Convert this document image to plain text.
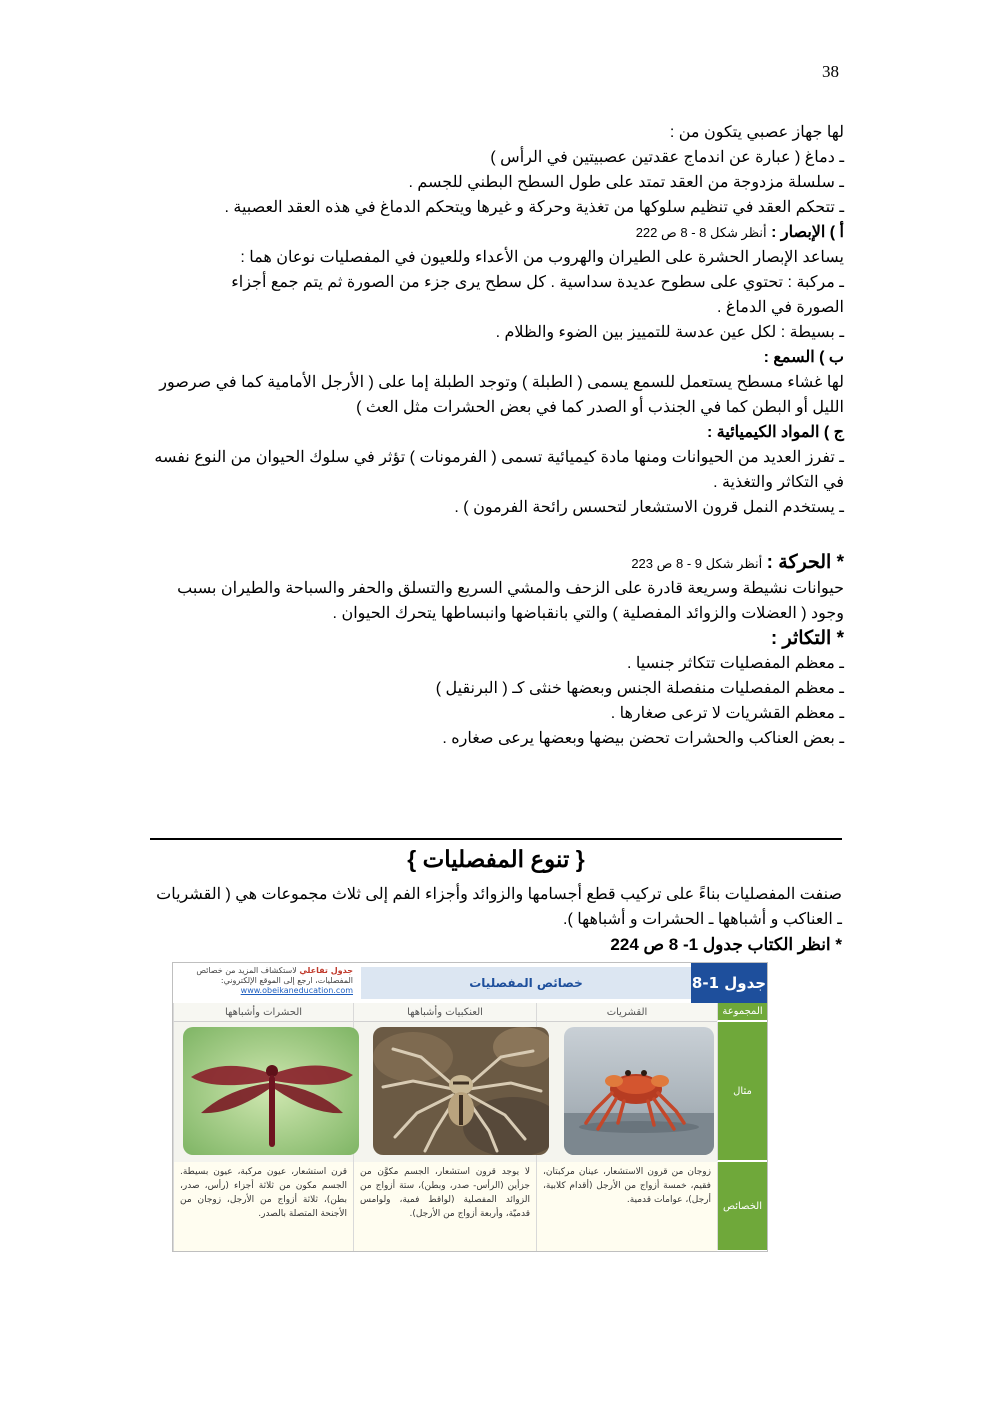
38
لها جهاز عصبي يتكون من :
ـ دماغ ( عبارة عن اندماج عقدتين عصبيتين في الرأس )
ـ سلسلة مزدوجة من العقد تمتد على طول السطح البطني للجسم .
ـ تتحكم العقد في تنظيم سلوكها من تغذية وحركة و غيرها ويتحكم الدماغ في هذه العقد العصبية .
أ ) الإبصار : أنظر شكل 8 - 8 ص 222
يساعد الإبصار الحشرة على الطيران والهروب من الأعداء وللعيون في المفصليات نوعان هما :
ـ مركبة : تحتوي على سطوح عديدة سداسية . كل سطح يرى جزء من الصورة ثم يتم جمع أجزاء الصورة في الدماغ .
ـ بسيطة : لكل عين عدسة للتمييز بين الضوء والظلام .
ب ) السمع :
لها غشاء مسطح يستعمل للسمع يسمى ( الطبلة ) وتوجد الطبلة إما على ( الأرجل الأمامية كما في صرصور الليل أو البطن كما في الجنذب أو الصدر كما في بعض الحشرات مثل العث )
ج ) المواد الكيميائية :
ـ تفرز العديد من الحيوانات ومنها مادة كيميائية تسمى ( الفرمونات ) تؤثر في سلوك الحيوان من النوع نفسه في التكاثر والتغذية .
ـ يستخدم النمل قرون الاستشعار لتحسس رائحة الفرمون ) .
* الحركة : أنظر شكل 9 - 8 ص 223
حيوانات نشيطة وسريعة قادرة على الزحف والمشي السريع والتسلق والحفر والسباحة والطيران بسبب وجود ( العضلات والزوائد المفصلية ) والتي بانقباضها وانبساطها يتحرك الحيوان .
* التكاثر :
ـ معظم المفصليات تتكاثر جنسيا .
ـ معظم المفصليات منفصلة الجنس وبعضها خنثى كـ ( البرنقيل )
ـ معظم القشريات لا ترعى صغارها .
ـ بعض العناكب والحشرات تحضن بيضها وبعضها يرعى صغاره .
{ تنوع المفصليات }
صنفت المفصليات بناءً على تركيب قطع أجسامها والزوائد وأجزاء الفم إلى ثلاث مجموعات هي ( القشريات ـ العناكب و أشباهها ـ الحشرات و أشباهها ).
* انظر الكتاب جدول 1- 8 ص 224
جدول 1-8
خصائص المفصليات
جدول تفاعلي لاستكشاف المزيد من خصائص المفصليات، ارجع إلى الموقع الإلكتروني: www.obeikaneducation.com
المجموعة
مثال
الخصائص
القشريات
العنكبيات وأشباهها
الحشرات وأشباهها
زوجان من قرون الاستشعار، عينان مركبتان، فقيم، خمسة أزواج من الأرجل (أقدام كلابية، أرجل)، عوامات قدمية.
لا يوجد قرون استشعار، الجسم مكوَّن من جزأين (الرأس- صدر، وبطن)، ستة أزواج من الزوائد المفصلية (لواقط فمية، ولوامس قدميّة، وأربعة أزواج من الأرجل).
قرن استشعار، عيون مركبة، عيون بسيطة. الجسم مكون من ثلاثة أجزاء (رأس، صدر، بطن)، ثلاثة أزواج من الأرجل، زوجان من الأجنحة المتصلة بالصدر.
